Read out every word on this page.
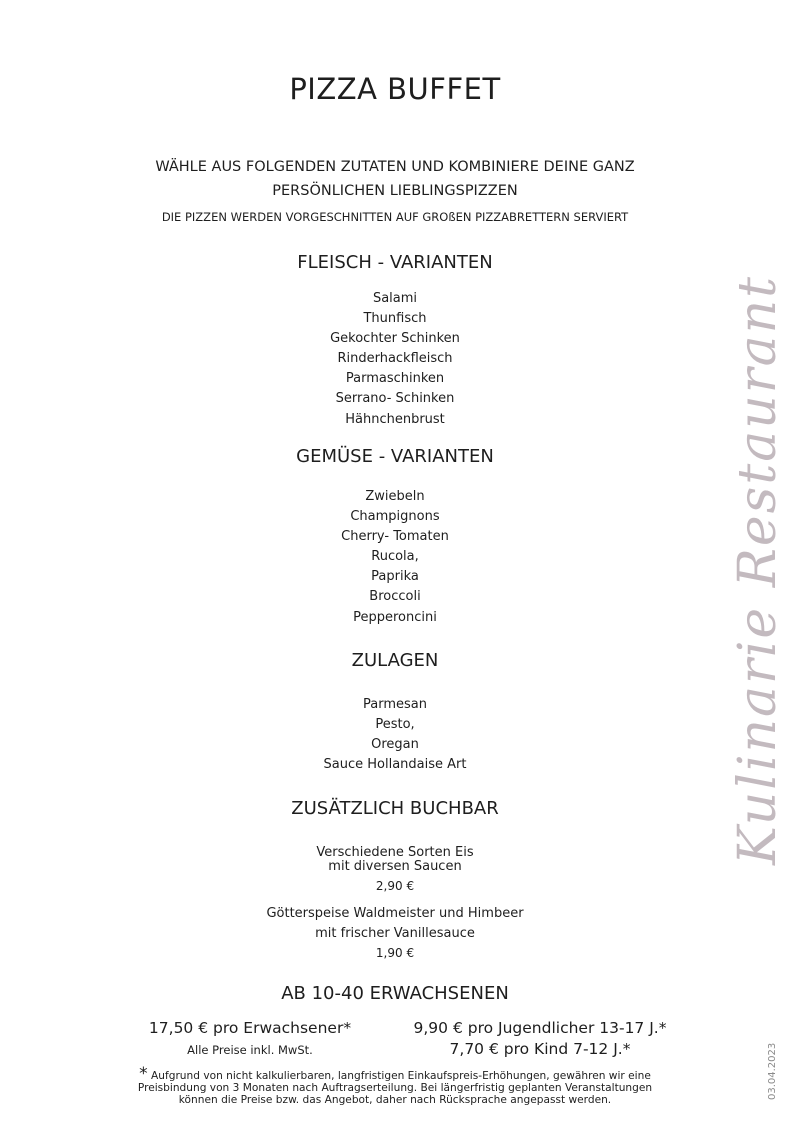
PIZZA BUFFET
WÄHLE AUS FOLGENDEN ZUTATEN UND KOMBINIERE DEINE GANZ PERSÖNLICHEN LIEBLINGSPIZZEN
DIE PIZZEN WERDEN VORGESCHNITTEN AUF GROßEN PIZZABRETTERN SERVIERT
FLEISCH - VARIANTEN
Salami
Thunfisch
Gekochter Schinken
Rinderhackfleisch
Parmaschinken
Serrano- Schinken
Hähnchenbrust
GEMÜSE - VARIANTEN
Zwiebeln
Champignons
Cherry- Tomaten
Rucola,
Paprika
Broccoli
Pepperoncini
ZULAGEN
Parmesan
Pesto,
Oregan
Sauce Hollandaise Art
ZUSÄTZLICH BUCHBAR
Verschiedene Sorten Eis
mit diversen Saucen
2,90 €
Götterspeise Waldmeister und Himbeer
mit frischer Vanillesauce
1,90 €
AB 10-40 ERWACHSENEN
17,50 € pro Erwachsener*
Alle Preise inkl. MwSt.
9,90 € pro Jugendlicher 13-17 J.*
7,70 € pro Kind 7-12 J.*
* Aufgrund von nicht kalkulierbaren, langfristigen Einkaufspreis-Erhöhungen, gewähren wir eine
Preisbindung von 3 Monaten nach Auftragserteilung. Bei längerfristig geplanten Veranstaltungen
können die Preise bzw. das Angebot, daher nach Rücksprache angepasst werden.
Kulinarie Restaurant
03.04.2023
